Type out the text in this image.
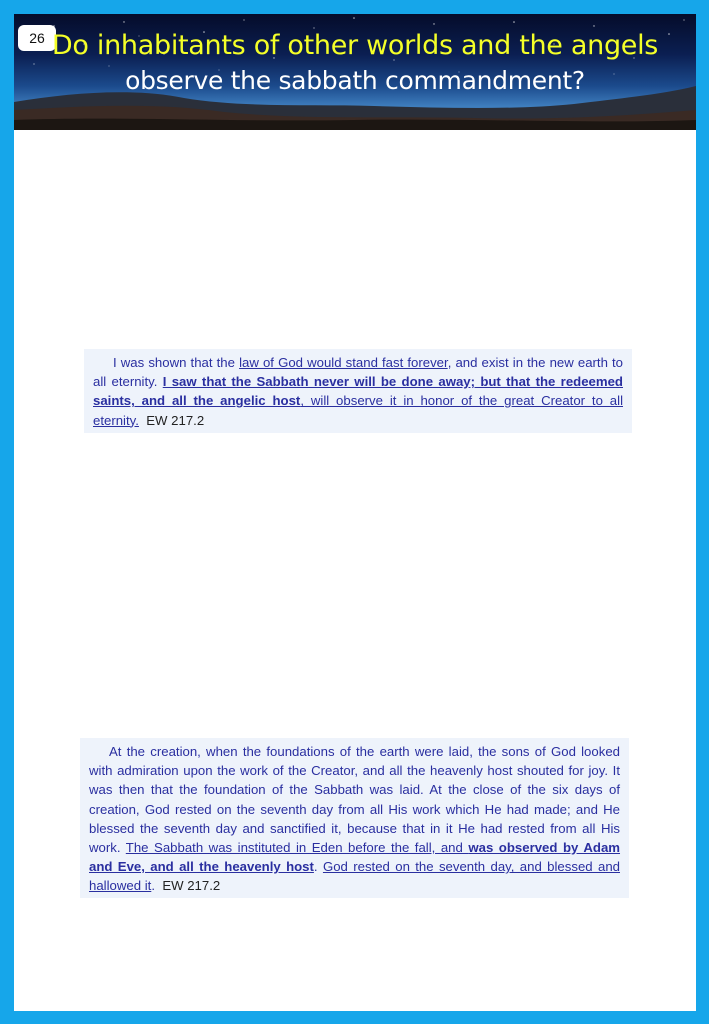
26 Do inhabitants of other worlds and the angels
observe the sabbath commandment?
I was shown that the law of God would stand fast forever, and exist in the new earth to all eternity. I saw that the Sabbath never will be done away; but that the redeemed saints, and all the angelic host, will observe it in honor of the great Creator to all eternity. EW 217.2
At the creation, when the foundations of the earth were laid, the sons of God looked with admiration upon the work of the Creator, and all the heavenly host shouted for joy. It was then that the foundation of the Sabbath was laid. At the close of the six days of creation, God rested on the seventh day from all His work which He had made; and He blessed the seventh day and sanctified it, because that in it He had rested from all His work. The Sabbath was instituted in Eden before the fall, and was observed by Adam and Eve, and all the heavenly host. God rested on the seventh day, and blessed and hallowed it. EW 217.2
